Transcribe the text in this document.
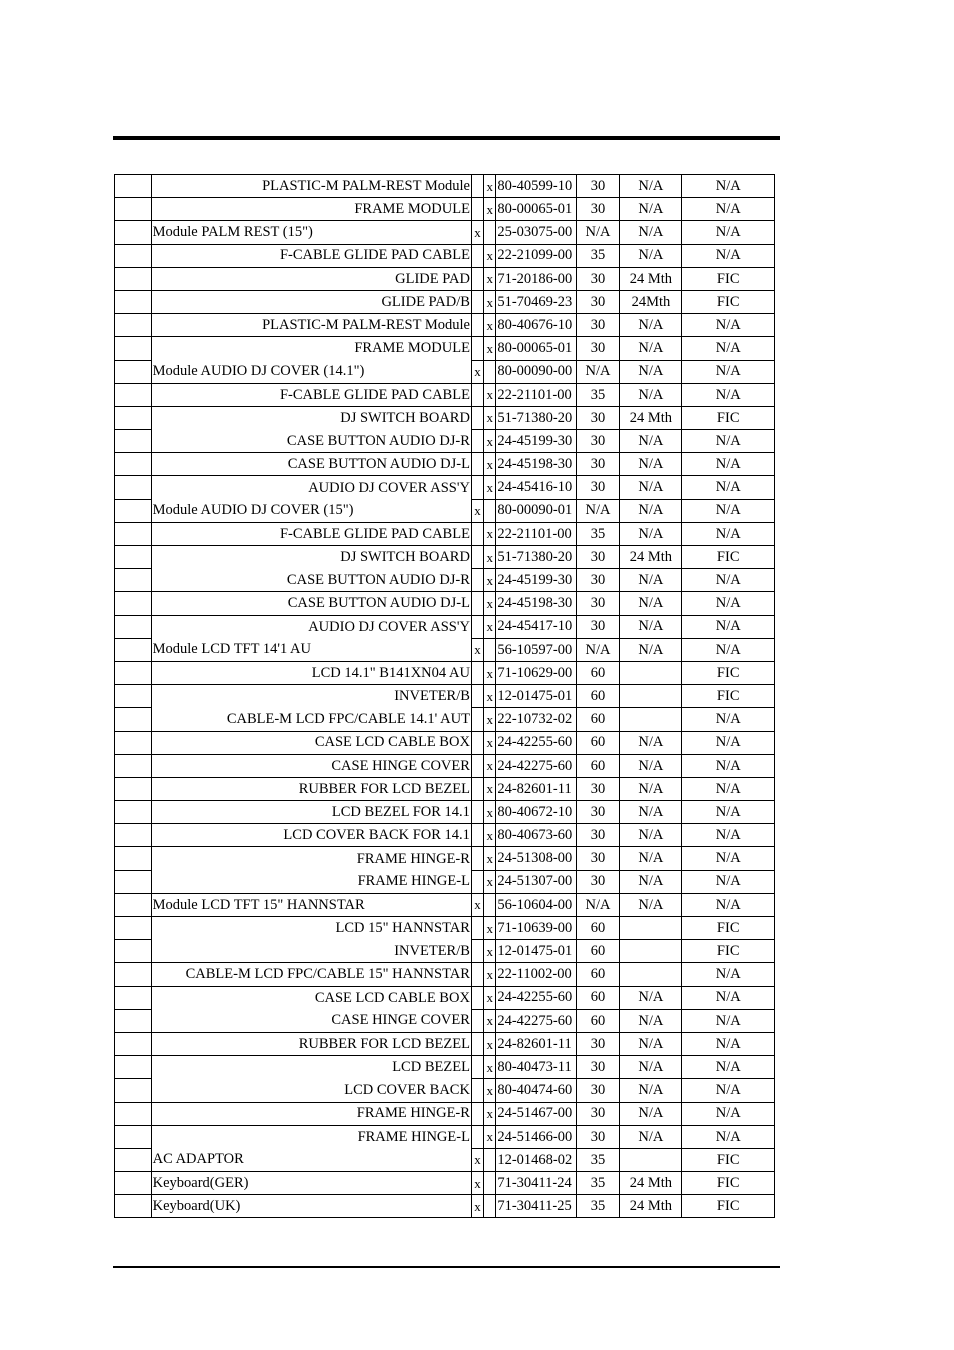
	PLASTIC-M PALM-REST Module		x	80-40599-10	30	N/A	N/A
	FRAME MODULE		x	80-00065-01	30	N/A	N/A
	Module PALM REST (15")	x		25-03075-00	N/A	N/A	N/A
	F-CABLE GLIDE PAD CABLE		x	22-21099-00	35	N/A	N/A
	GLIDE PAD		x	71-20186-00	30	24 Mth	FIC
	GLIDE PAD/B		x	51-70469-23	30	24Mth	FIC
	PLASTIC-M PALM-REST Module		x	80-40676-10	30	N/A	N/A
	FRAME MODULE		x	80-00065-01	30	N/A	N/A
	Module AUDIO DJ COVER (14.1")	x		80-00090-00	N/A	N/A	N/A
	F-CABLE GLIDE PAD CABLE		x	22-21101-00	35	N/A	N/A
	DJ SWITCH BOARD		x	51-71380-20	30	24 Mth	FIC
	CASE BUTTON AUDIO DJ-R		x	24-45199-30	30	N/A	N/A
	CASE BUTTON AUDIO DJ-L		x	24-45198-30	30	N/A	N/A
	AUDIO DJ COVER ASS'Y		x	24-45416-10	30	N/A	N/A
	Module AUDIO DJ COVER (15")	x		80-00090-01	N/A	N/A	N/A
	F-CABLE GLIDE PAD CABLE		x	22-21101-00	35	N/A	N/A
	DJ SWITCH BOARD		x	51-71380-20	30	24 Mth	FIC
	CASE BUTTON AUDIO DJ-R		x	24-45199-30	30	N/A	N/A
	CASE BUTTON AUDIO DJ-L		x	24-45198-30	30	N/A	N/A
	AUDIO DJ COVER ASS'Y		x	24-45417-10	30	N/A	N/A
	Module LCD TFT 14'1 AU	x		56-10597-00	N/A	N/A	N/A
	LCD 14.1" B141XN04 AU		x	71-10629-00	60		FIC
	INVETER/B		x	12-01475-01	60		FIC
	CABLE-M LCD FPC/CABLE 14.1' AUT		x	22-10732-02	60		N/A
	CASE LCD CABLE BOX		x	24-42255-60	60	N/A	N/A
	CASE HINGE COVER		x	24-42275-60	60	N/A	N/A
	RUBBER FOR LCD BEZEL		x	24-82601-11	30	N/A	N/A
	LCD BEZEL FOR 14.1		x	80-40672-10	30	N/A	N/A
	LCD COVER BACK FOR 14.1		x	80-40673-60	30	N/A	N/A
	FRAME HINGE-R		x	24-51308-00	30	N/A	N/A
	FRAME HINGE-L		x	24-51307-00	30	N/A	N/A
	Module LCD TFT 15" HANNSTAR	x		56-10604-00	N/A	N/A	N/A
	LCD 15" HANNSTAR		x	71-10639-00	60		FIC
	INVETER/B		x	12-01475-01	60		FIC
	CABLE-M LCD FPC/CABLE 15" HANNSTAR		x	22-11002-00	60		N/A
	CASE LCD CABLE BOX		x	24-42255-60	60	N/A	N/A
	CASE HINGE COVER		x	24-42275-60	60	N/A	N/A
	RUBBER FOR LCD BEZEL		x	24-82601-11	30	N/A	N/A
	LCD BEZEL		x	80-40473-11	30	N/A	N/A
	LCD COVER BACK		x	80-40474-60	30	N/A	N/A
	FRAME HINGE-R		x	24-51467-00	30	N/A	N/A
	FRAME HINGE-L		x	24-51466-00	30	N/A	N/A
	AC ADAPTOR	x		12-01468-02	35		FIC
	Keyboard(GER)	x		71-30411-24	35	24 Mth	FIC
	Keyboard(UK)	x		71-30411-25	35	24 Mth	FIC
